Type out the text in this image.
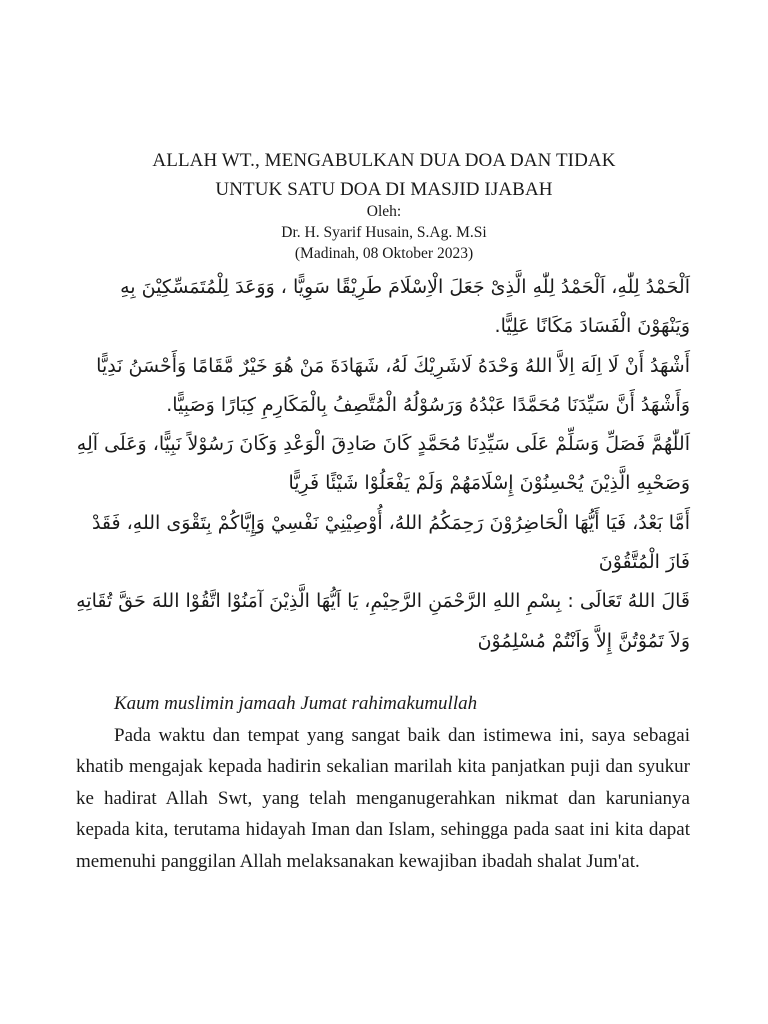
ALLAH WT., MENGABULKAN DUA DOA DAN TIDAK
UNTUK SATU DOA DI MASJID IJABAH
Oleh:
Dr. H. Syarif Husain, S.Ag. M.Si
(Madinah, 08 Oktober 2023)

اَلْحَمْدُ لِلّٰهِ، اَلْحَمْدُ لِلّٰهِ الَّذِىْ جَعَلَ الْاِسْلَامَ طَرِيْقًا سَوِيًّا ، وَوَعَدَ لِلْمُتَمَسِّكِيْنَ بِهِ وَيَنْهَوْنَ الْفَسَادَ مَكَانًا عَلِيًّا.

أَشْهَدُ أَنْ لَا اِلَهَ اِلاَّ اللهُ وَحْدَهُ لَاشَرِيْكَ لَهُ، شَهَادَةَ مَنْ هُوَ خَيْرٌ مَّقَامًا وَأَحْسَنُ نَدِيًّا وَأَشْهَدُ أَنَّ سَيِّدَنَا مُحَمَّدًا عَبْدُهُ وَرَسُوْلُهُ الْمُتَّصِفُ بِالْمَكَارِمِ كِبَارًا وَصَبِيًّا.

اَللّٰهُمَّ فَصَلِّ وَسَلِّمْ عَلَى سَيِّدِنَا مُحَمَّدٍ كَانَ صَادِقَ الْوَعْدِ وَكَانَ رَسُوْلاً نَبِيًّا، وَعَلَى آلِهِ وَصَحْبِهِ الَّذِيْنَ يُحْسِنُوْنَ إِسْلَامَهُمْ وَلَمْ يَفْعَلُوْا شَيْئًا فَرِيًّا

أَمَّا بَعْدُ، فَيَا أَيُّهَا الْحَاضِرُوْنَ رَحِمَكُمُ اللهُ، أُوْصِيْنِيْ نَفْسِيْ وَإِيَّاكُمْ بِتَقْوَى اللهِ، فَقَدْ فَازَ الْمُتَّقُوْنَ

قَالَ اللهُ تَعَالَى : بِسْمِ اللهِ الرَّحْمَنِ الرَّحِيْمِ، يَا اَيُّهَا الَّذِيْنَ آمَنُوْا اتَّقُوْا اللهَ حَقَّ تُقَاتِهِ وَلاَ تَمُوْتُنَّ إِلاَّ وَاَنْتُمْ مُسْلِمُوْنَ

Kaum muslimin jamaah Jumat rahimakumullah

Pada waktu dan tempat yang sangat baik dan istimewa ini, saya sebagai khatib mengajak kepada hadirin sekalian marilah kita panjatkan puji dan syukur ke hadirat Allah Swt, yang telah menganugerahkan nikmat dan karunianya kepada kita, terutama hidayah Iman dan Islam, sehingga pada saat ini kita dapat memenuhi panggilan Allah melaksanakan kewajiban ibadah shalat Jum'at.
